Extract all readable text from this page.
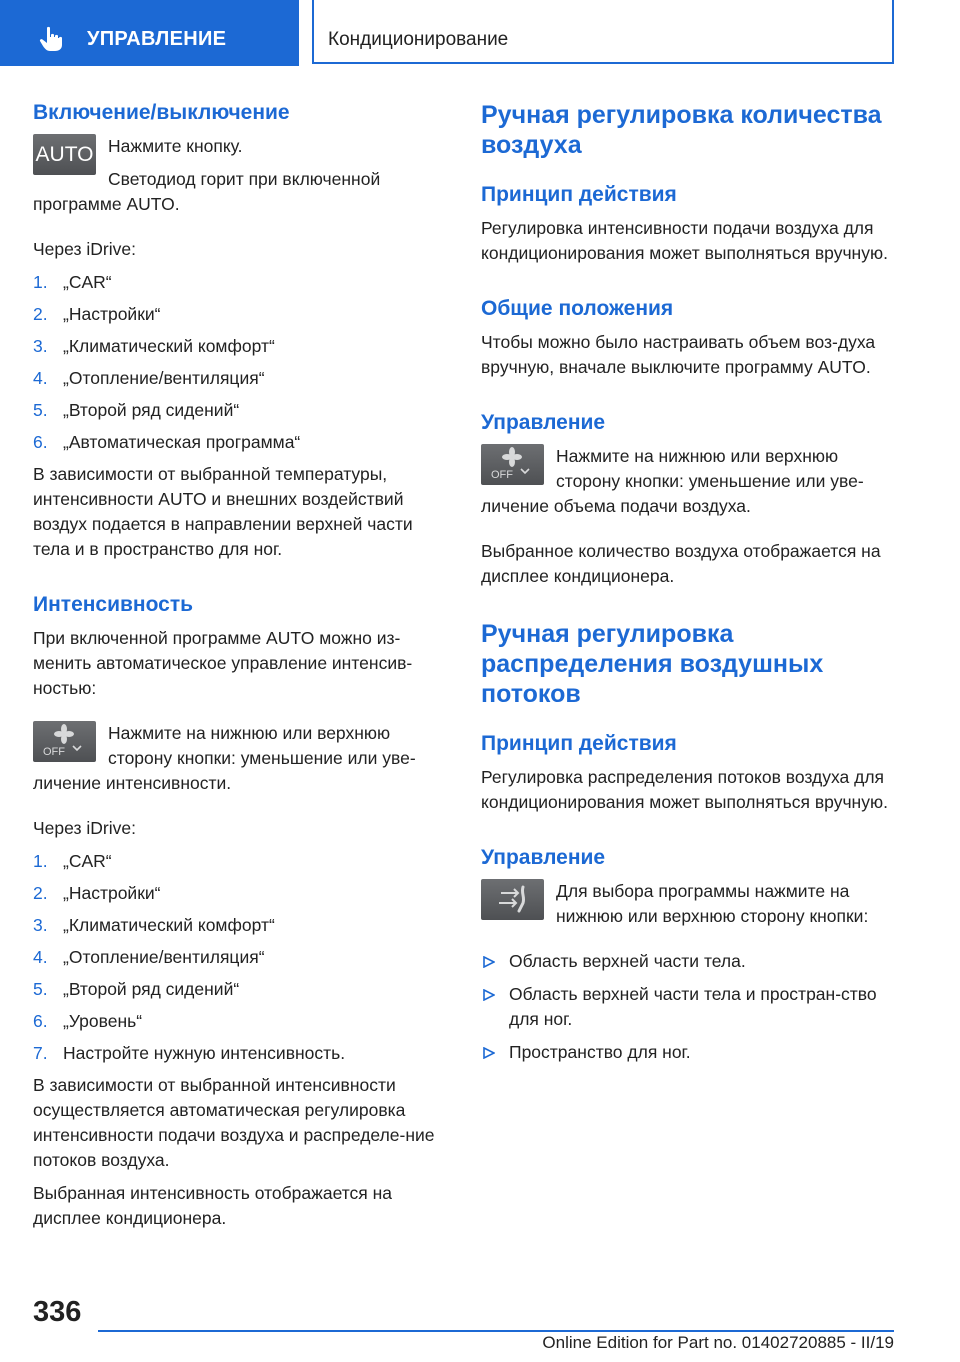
УПРАВЛЕНИЕ	Кондиционирование
Включение/выключение
AUTO Нажмите кнопку.
Светодиод горит при включенной программе AUTO.
Через iDrive:
1. „CAR“
2. „Настройки“
3. „Климатический комфорт“
4. „Отопление/вентиляция“
5. „Второй ряд сидений“
6. „Автоматическая программа“
В зависимости от выбранной температуры, интенсивности AUTO и внешних воздействий воздух подается в направлении верхней части тела и в пространство для ног.
Интенсивность
При включенной программе AUTO можно из-менить автоматическое управление интенсив-ностью:
OFF
Нажмите на нижнюю или верхнюю сторону кнопки: уменьшение или уве-личение интенсивности.
Через iDrive:
1. „CAR“
2. „Настройки“
3. „Климатический комфорт“
4. „Отопление/вентиляция“
5. „Второй ряд сидений“
6. „Уровень“
7. Настройте нужную интенсивность.
В зависимости от выбранной интенсивности осуществляется автоматическая регулировка интенсивности подачи воздуха и распределе-ние потоков воздуха.
Выбранная интенсивность отображается на дисплее кондиционера.
Ручная регулировка количества воздуха
Принцип действия
Регулировка интенсивности подачи воздуха для кондиционирования может выполняться вручную.
Общие положения
Чтобы можно было настраивать объем воз-духа вручную, вначале выключите программу AUTO.
Управление
OFF
Нажмите на нижнюю или верхнюю сторону кнопки: уменьшение или уве-личение объема подачи воздуха.
Выбранное количество воздуха отображается на дисплее кондиционера.
Ручная регулировка распределения воздушных потоков
Принцип действия
Регулировка распределения потоков воздуха для кондиционирования может выполняться вручную.
Управление
Для выбора программы нажмите на нижнюю или верхнюю сторону кнопки:
Область верхней части тела.
Область верхней части тела и простран-ство для ног.
Пространство для ног.
336
Online Edition for Part no. 01402720885 - II/19
